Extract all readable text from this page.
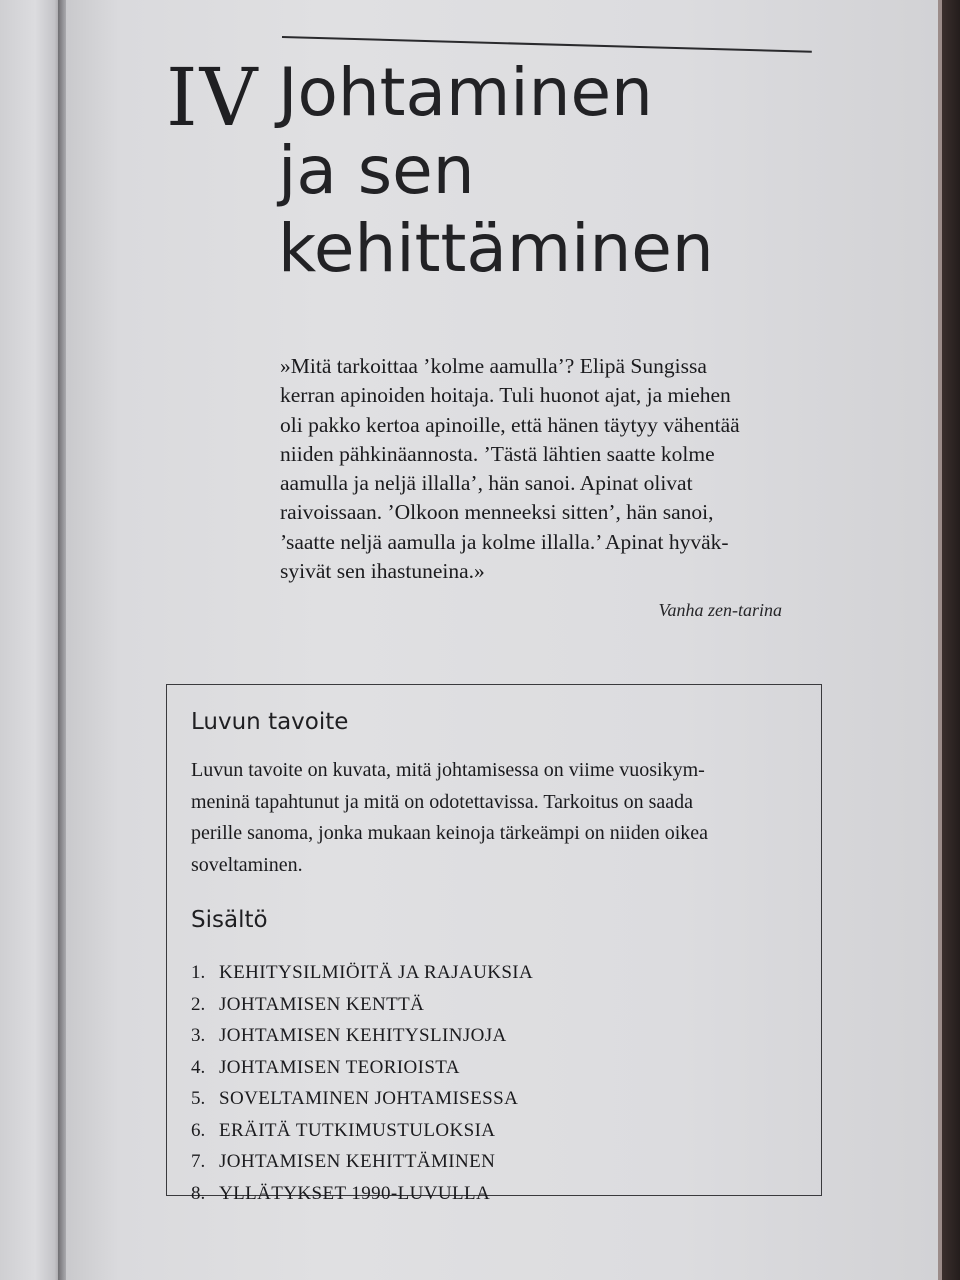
IV Johtaminen
ja sen
kehittäminen

»Mitä tarkoittaa ’kolme aamulla’? Elipä Sungissa
kerran apinoiden hoitaja. Tuli huonot ajat, ja miehen
oli pakko kertoa apinoille, että hänen täytyy vähentää
niiden pähkinäannosta. ’Tästä lähtien saatte kolme
aamulla ja neljä illalla’, hän sanoi. Apinat olivat
raivoissaan. ’Olkoon menneeksi sitten’, hän sanoi,
’saatte neljä aamulla ja kolme illalla.’ Apinat hyväk-
syivät sen ihastuneina.»

Vanha zen-tarina
Luvun tavoite

Luvun tavoite on kuvata, mitä johtamisessa on viime vuosikym-
meninä tapahtunut ja mitä on odotettavissa. Tarkoitus on saada
perille sanoma, jonka mukaan keinoja tärkeämpi on niiden oikea
soveltaminen.

Sisältö
1. KEHITYSILMIÖITÄ JA RAJAUKSIA
2. JOHTAMISEN KENTTÄ
3. JOHTAMISEN KEHITYSLINJOJA
4. JOHTAMISEN TEORIOISTA
5. SOVELTAMINEN JOHTAMISESSA
6. ERÄITÄ TUTKIMUSTULOKSIA
7. JOHTAMISEN KEHITTÄMINEN
8. YLLÄTYKSET 1990-LUVULLA
